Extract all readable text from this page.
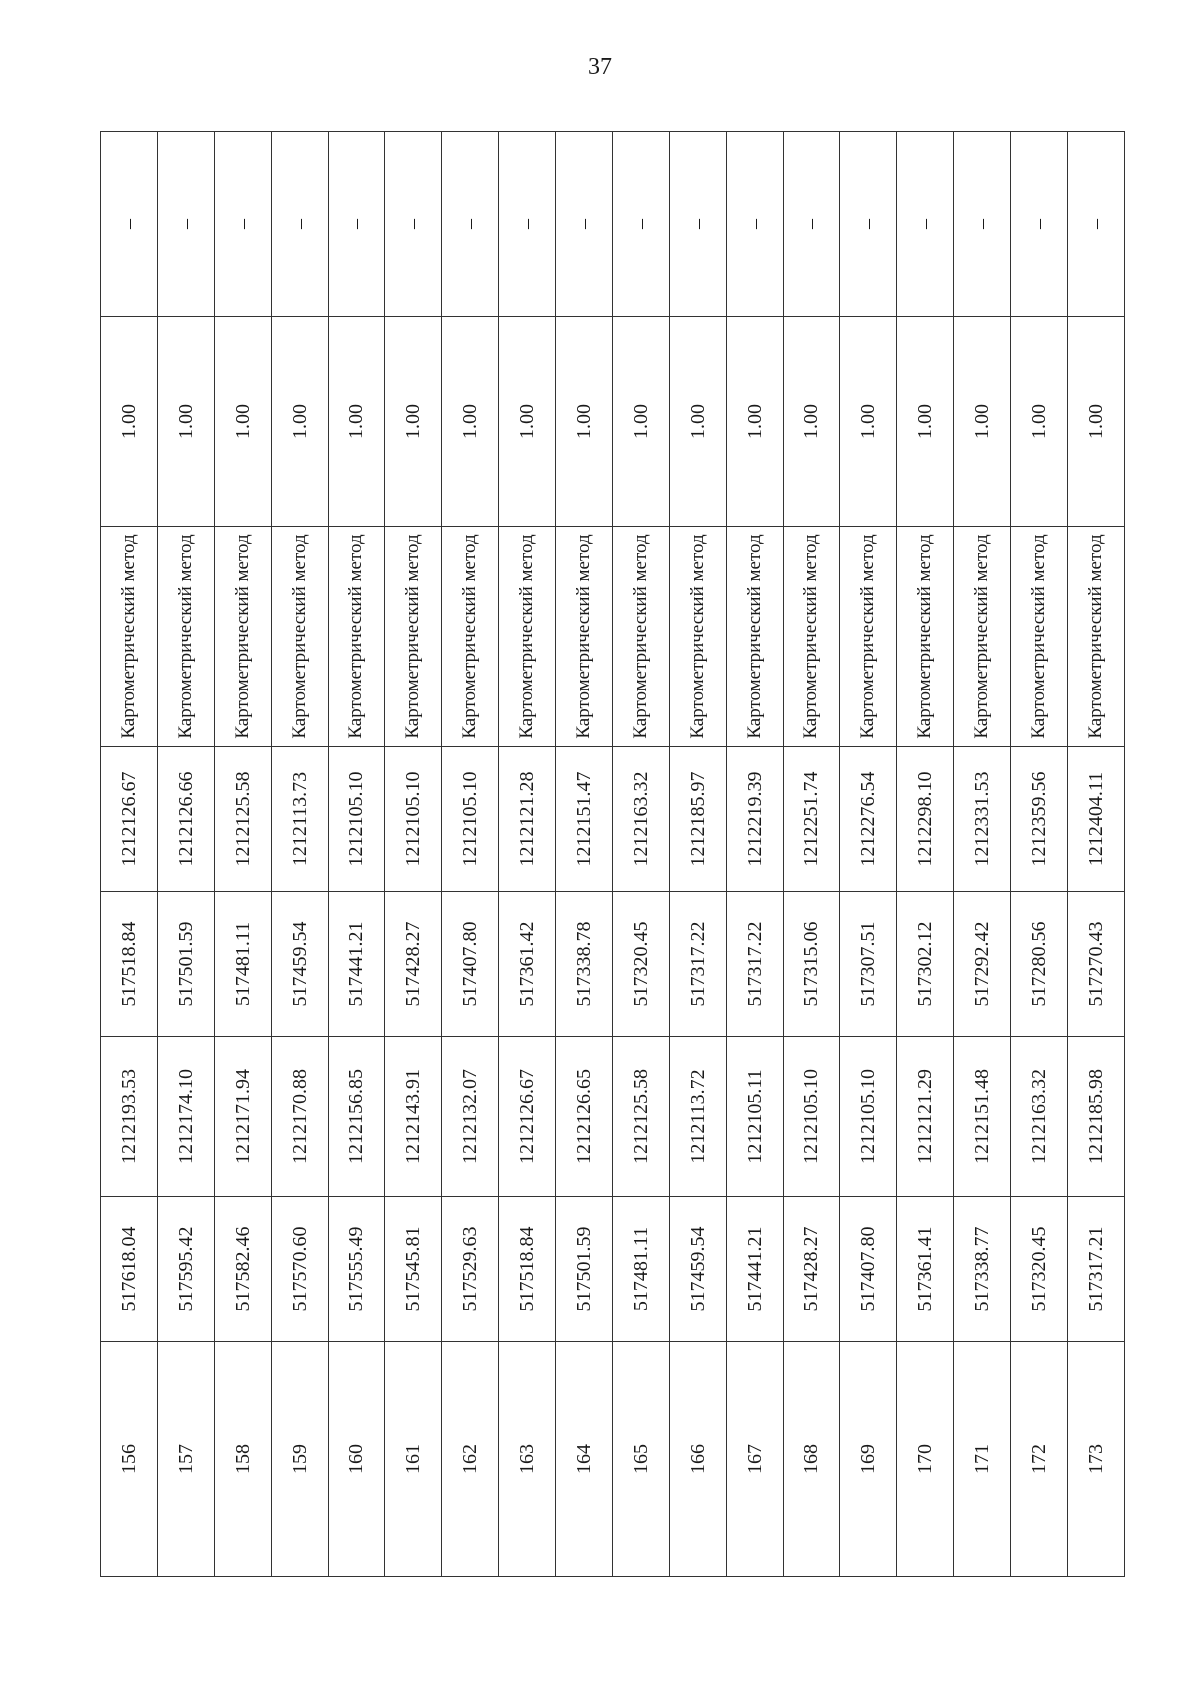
37
156	517618.04	1212193.53	517518.84	1212126.67	Картометрический метод	1.00	–
157	517595.42	1212174.10	517501.59	1212126.66	Картометрический метод	1.00	–
158	517582.46	1212171.94	517481.11	1212125.58	Картометрический метод	1.00	–
159	517570.60	1212170.88	517459.54	1212113.73	Картометрический метод	1.00	–
160	517555.49	1212156.85	517441.21	1212105.10	Картометрический метод	1.00	–
161	517545.81	1212143.91	517428.27	1212105.10	Картометрический метод	1.00	–
162	517529.63	1212132.07	517407.80	1212105.10	Картометрический метод	1.00	–
163	517518.84	1212126.67	517361.42	1212121.28	Картометрический метод	1.00	–
164	517501.59	1212126.65	517338.78	1212151.47	Картометрический метод	1.00	–
165	517481.11	1212125.58	517320.45	1212163.32	Картометрический метод	1.00	–
166	517459.54	1212113.72	517317.22	1212185.97	Картометрический метод	1.00	–
167	517441.21	1212105.11	517317.22	1212219.39	Картометрический метод	1.00	–
168	517428.27	1212105.10	517315.06	1212251.74	Картометрический метод	1.00	–
169	517407.80	1212105.10	517307.51	1212276.54	Картометрический метод	1.00	–
170	517361.41	1212121.29	517302.12	1212298.10	Картометрический метод	1.00	–
171	517338.77	1212151.48	517292.42	1212331.53	Картометрический метод	1.00	–
172	517320.45	1212163.32	517280.56	1212359.56	Картометрический метод	1.00	–
173	517317.21	1212185.98	517270.43	1212404.11	Картометрический метод	1.00	–
